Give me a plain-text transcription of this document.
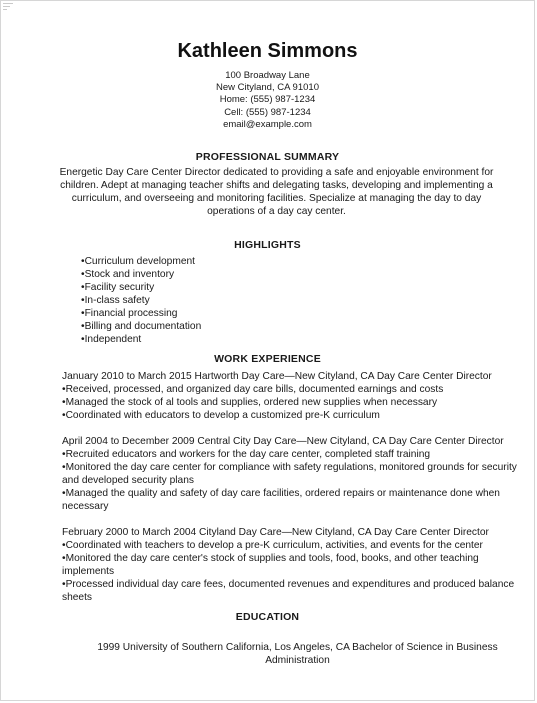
Kathleen Simmons
100 Broadway Lane
New Cityland, CA 91010
Home: (555) 987-1234
Cell: (555) 987-1234
email@example.com
PROFESSIONAL SUMMARY
Energetic Day Care Center Director dedicated to providing a safe and enjoyable environment for children. Adept at managing teacher shifts and delegating tasks, developing and implementing a curriculum, and overseeing and monitoring facilities. Specialize at managing the day to day operations of a day cay center.
HIGHLIGHTS
• Curriculum development
• Stock and inventory
• Facility security
• In-class safety
• Financial processing
• Billing and documentation
• Independent
WORK EXPERIENCE
January 2010 to March 2015 Hartworth Day Care—New Cityland, CA Day Care Center Director
• Received, processed, and organized day care bills, documented earnings and costs
• Managed the stock of al tools and supplies, ordered new supplies when necessary
• Coordinated with educators to develop a customized pre-K curriculum
April 2004 to December 2009 Central City Day Care—New Cityland, CA Day Care Center Director
• Recruited educators and workers for the day care center, completed staff training
• Monitored the day care center for compliance with safety regulations, monitored grounds for security and developed security plans
• Managed the quality and safety of day care facilities, ordered repairs or maintenance done when necessary
February 2000 to March 2004 Cityland Day Care—New Cityland, CA Day Care Center Director
• Coordinated with teachers to develop a pre-K curriculum, activities, and events for the center
• Monitored the day care center's stock of supplies and tools, food, books, and other teaching implements
• Processed individual day care fees, documented revenues and expenditures and produced balance sheets
EDUCATION
1999 University of Southern California, Los Angeles, CA Bachelor of Science in Business Administration
